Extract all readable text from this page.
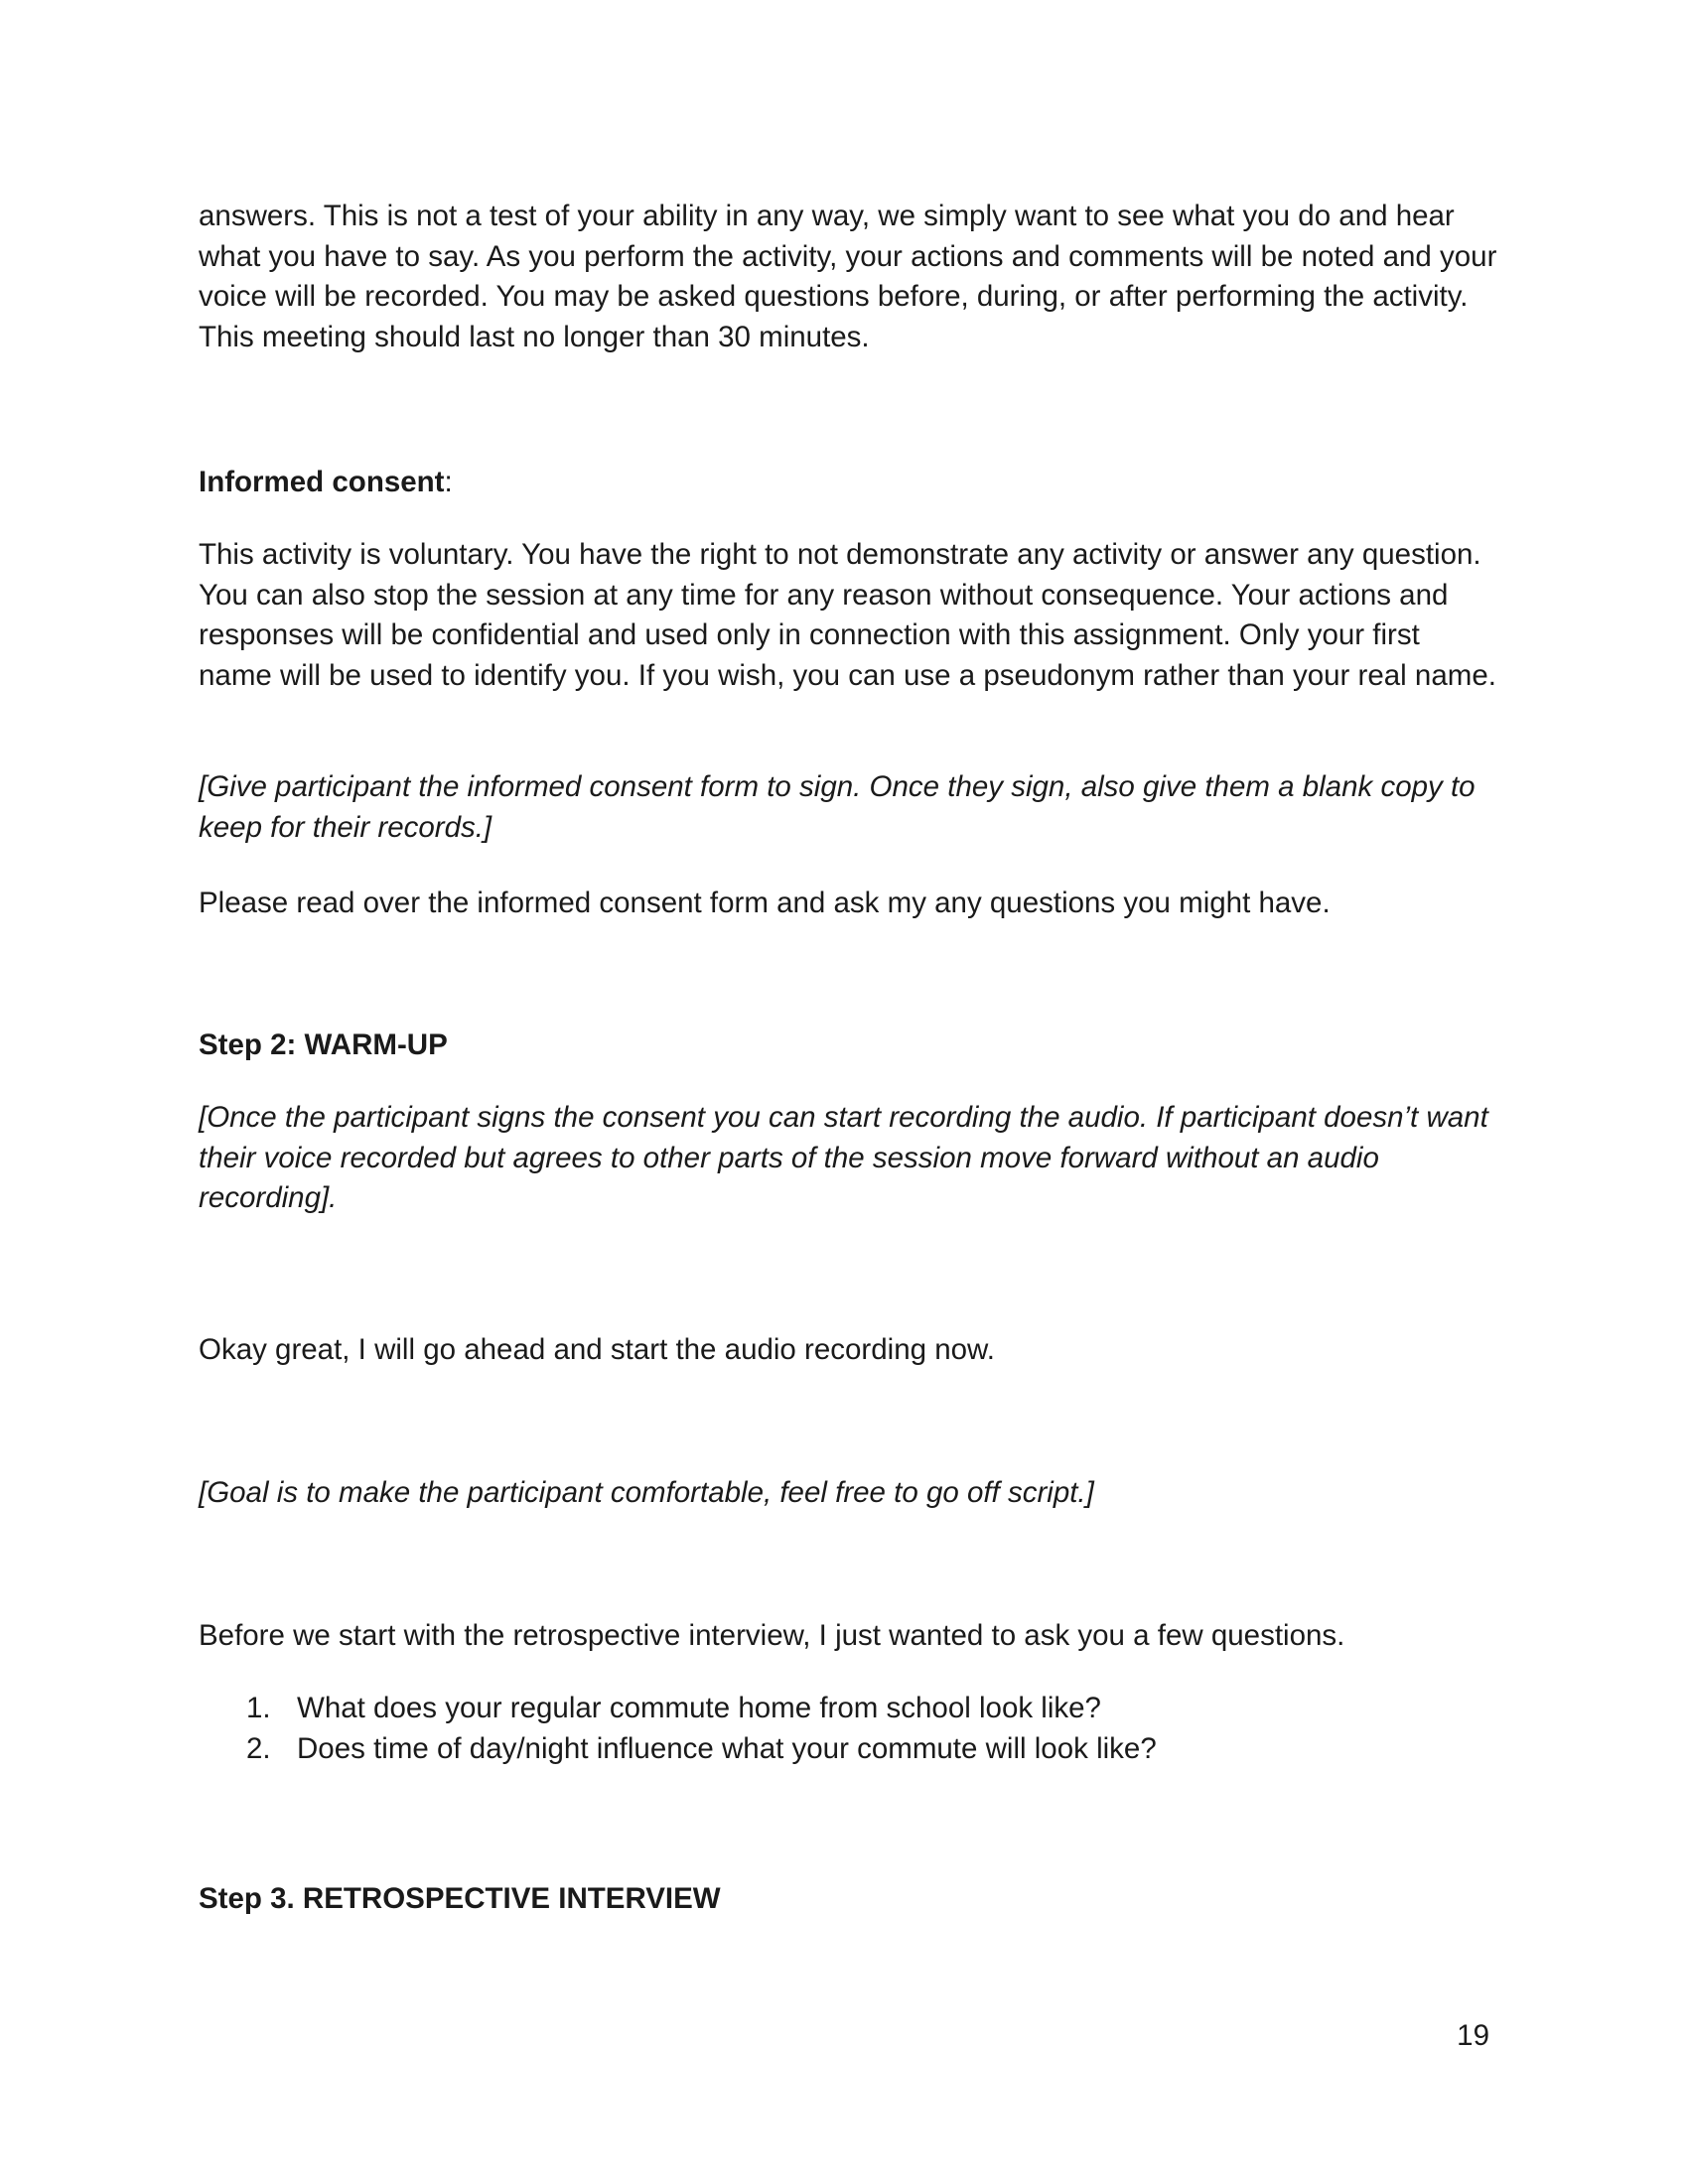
answers. This is not a test of your ability in any way, we simply want to see what you do and hear what you have to say. As you perform the activity, your actions and comments will be noted and your voice will be recorded. You may be asked questions before, during, or after performing the activity. This meeting should last no longer than 30 minutes.

Informed consent:

This activity is voluntary. You have the right to not demonstrate any activity or answer any question. You can also stop the session at any time for any reason without consequence. Your actions and responses will be confidential and used only in connection with this assignment. Only your first name will be used to identify you. If you wish, you can use a pseudonym rather than your real name.

[Give participant the informed consent form to sign. Once they sign, also give them a blank copy to keep for their records.]

Please read over the informed consent form and ask my any questions you might have.

Step 2: WARM-UP

[Once the participant signs the consent you can start recording the audio. If participant doesn’t want their voice recorded but agrees to other parts of the session move forward without an audio recording].

Okay great, I will go ahead and start the audio recording now.

[Goal is to make the participant comfortable, feel free to go off script.]

Before we start with the retrospective interview, I just wanted to ask you a few questions.

1. What does your regular commute home from school look like?
2. Does time of day/night influence what your commute will look like?

Step 3. RETROSPECTIVE INTERVIEW

19
